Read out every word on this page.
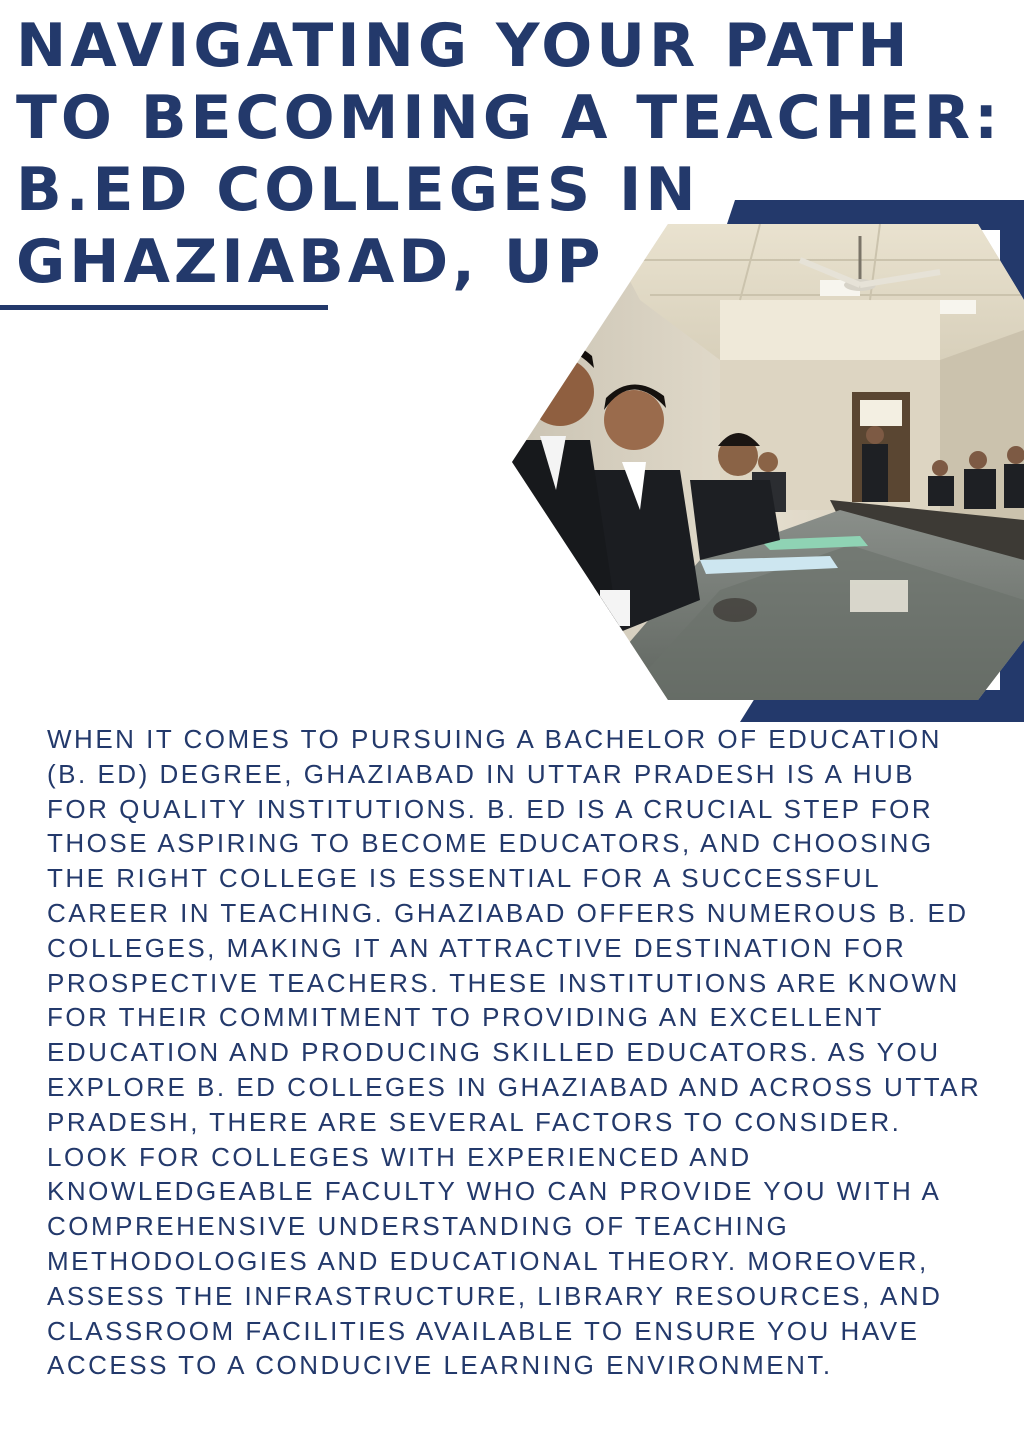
NAVIGATING YOUR PATH
TO BECOMING A TEACHER:
B.ED COLLEGES IN
GHAZIABAD, UP

WHEN IT COMES TO PURSUING A BACHELOR OF EDUCATION (B. ED) DEGREE, GHAZIABAD IN UTTAR PRADESH IS A HUB FOR QUALITY INSTITUTIONS. B. ED IS A CRUCIAL STEP FOR THOSE ASPIRING TO BECOME EDUCATORS, AND CHOOSING THE RIGHT COLLEGE IS ESSENTIAL FOR A SUCCESSFUL CAREER IN TEACHING. GHAZIABAD OFFERS NUMEROUS B. ED COLLEGES, MAKING IT AN ATTRACTIVE DESTINATION FOR PROSPECTIVE TEACHERS. THESE INSTITUTIONS ARE KNOWN FOR THEIR COMMITMENT TO PROVIDING AN EXCELLENT EDUCATION AND PRODUCING SKILLED EDUCATORS. AS YOU EXPLORE B. ED COLLEGES IN GHAZIABAD AND ACROSS UTTAR PRADESH, THERE ARE SEVERAL FACTORS TO CONSIDER. LOOK FOR COLLEGES WITH EXPERIENCED AND KNOWLEDGEABLE FACULTY WHO CAN PROVIDE YOU WITH A COMPREHENSIVE UNDERSTANDING OF TEACHING METHODOLOGIES AND EDUCATIONAL THEORY. MOREOVER, ASSESS THE INFRASTRUCTURE, LIBRARY RESOURCES, AND CLASSROOM FACILITIES AVAILABLE TO ENSURE YOU HAVE ACCESS TO A CONDUCIVE LEARNING ENVIRONMENT.
